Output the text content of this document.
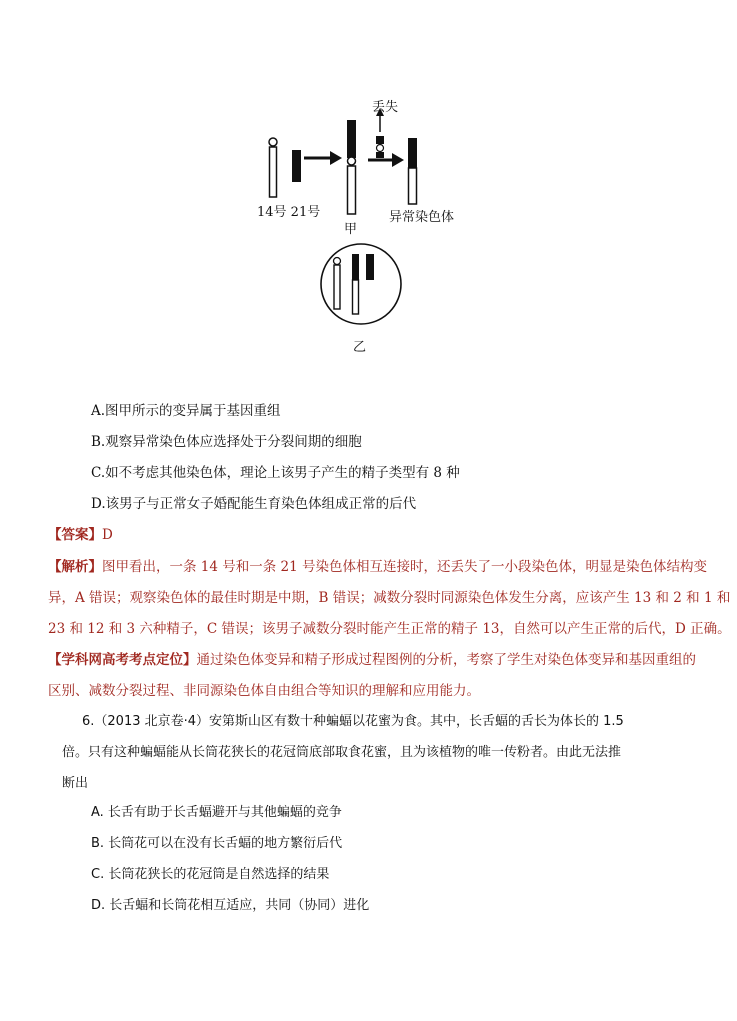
丢失
14号 21号
甲
异常染色体
乙
A.图甲所示的变异属于基因重组
B.观察异常染色体应选择处于分裂间期的细胞
C.如不考虑其他染色体，理论上该男子产生的精子类型有 8 种
D.该男子与正常女子婚配能生育染色体组成正常的后代
【答案】D
【解析】图甲看出，一条 14 号和一条 21 号染色体相互连接时，还丢失了一小段染色体，明显是染色体结构变
异，A 错误；观察染色体的最佳时期是中期，B 错误；减数分裂时同源染色体发生分离，应该产生 13 和 2 和 1 和
23 和 12 和 3 六种精子，C 错误；该男子减数分裂时能产生正常的精子 13，自然可以产生正常的后代，D 正确。
【学科网高考考点定位】通过染色体变异和精子形成过程图例的分析，考察了学生对染色体变异和基因重组的
区别、减数分裂过程、非同源染色体自由组合等知识的理解和应用能力。
6.（2013 北京卷·4）安第斯山区有数十种蝙蝠以花蜜为食。其中，长舌蝠的舌长为体长的 1.5
倍。只有这种蝙蝠能从长筒花狭长的花冠筒底部取食花蜜，且为该植物的唯一传粉者。由此无法推
断出
A. 长舌有助于长舌蝠避开与其他蝙蝠的竞争
B. 长筒花可以在没有长舌蝠的地方繁衍后代
C. 长筒花狭长的花冠筒是自然选择的结果
D. 长舌蝠和长筒花相互适应，共同（协同）进化
